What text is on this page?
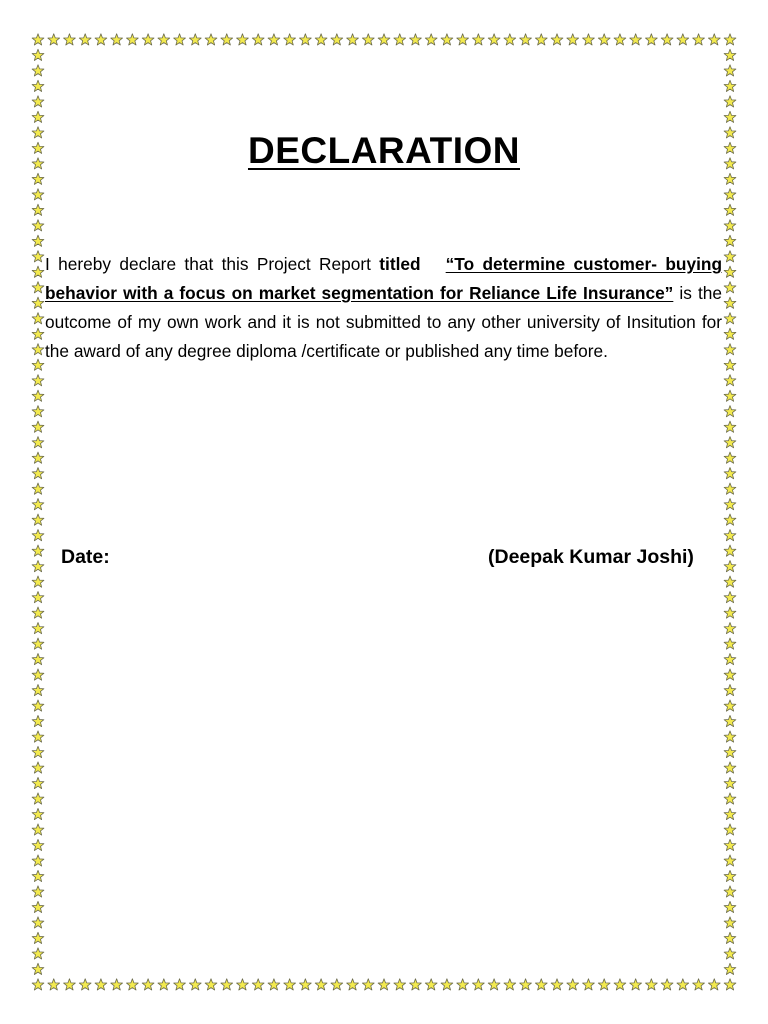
DECLARATION
I hereby declare that this Project Report titled “To determine customer- buying behavior with a focus on market segmentation for Reliance Life Insurance” is the outcome of my own work and it is not submitted to any other university of Insitution for the award of any degree diploma /certificate or published any time before.
Date:	(Deepak Kumar Joshi)
